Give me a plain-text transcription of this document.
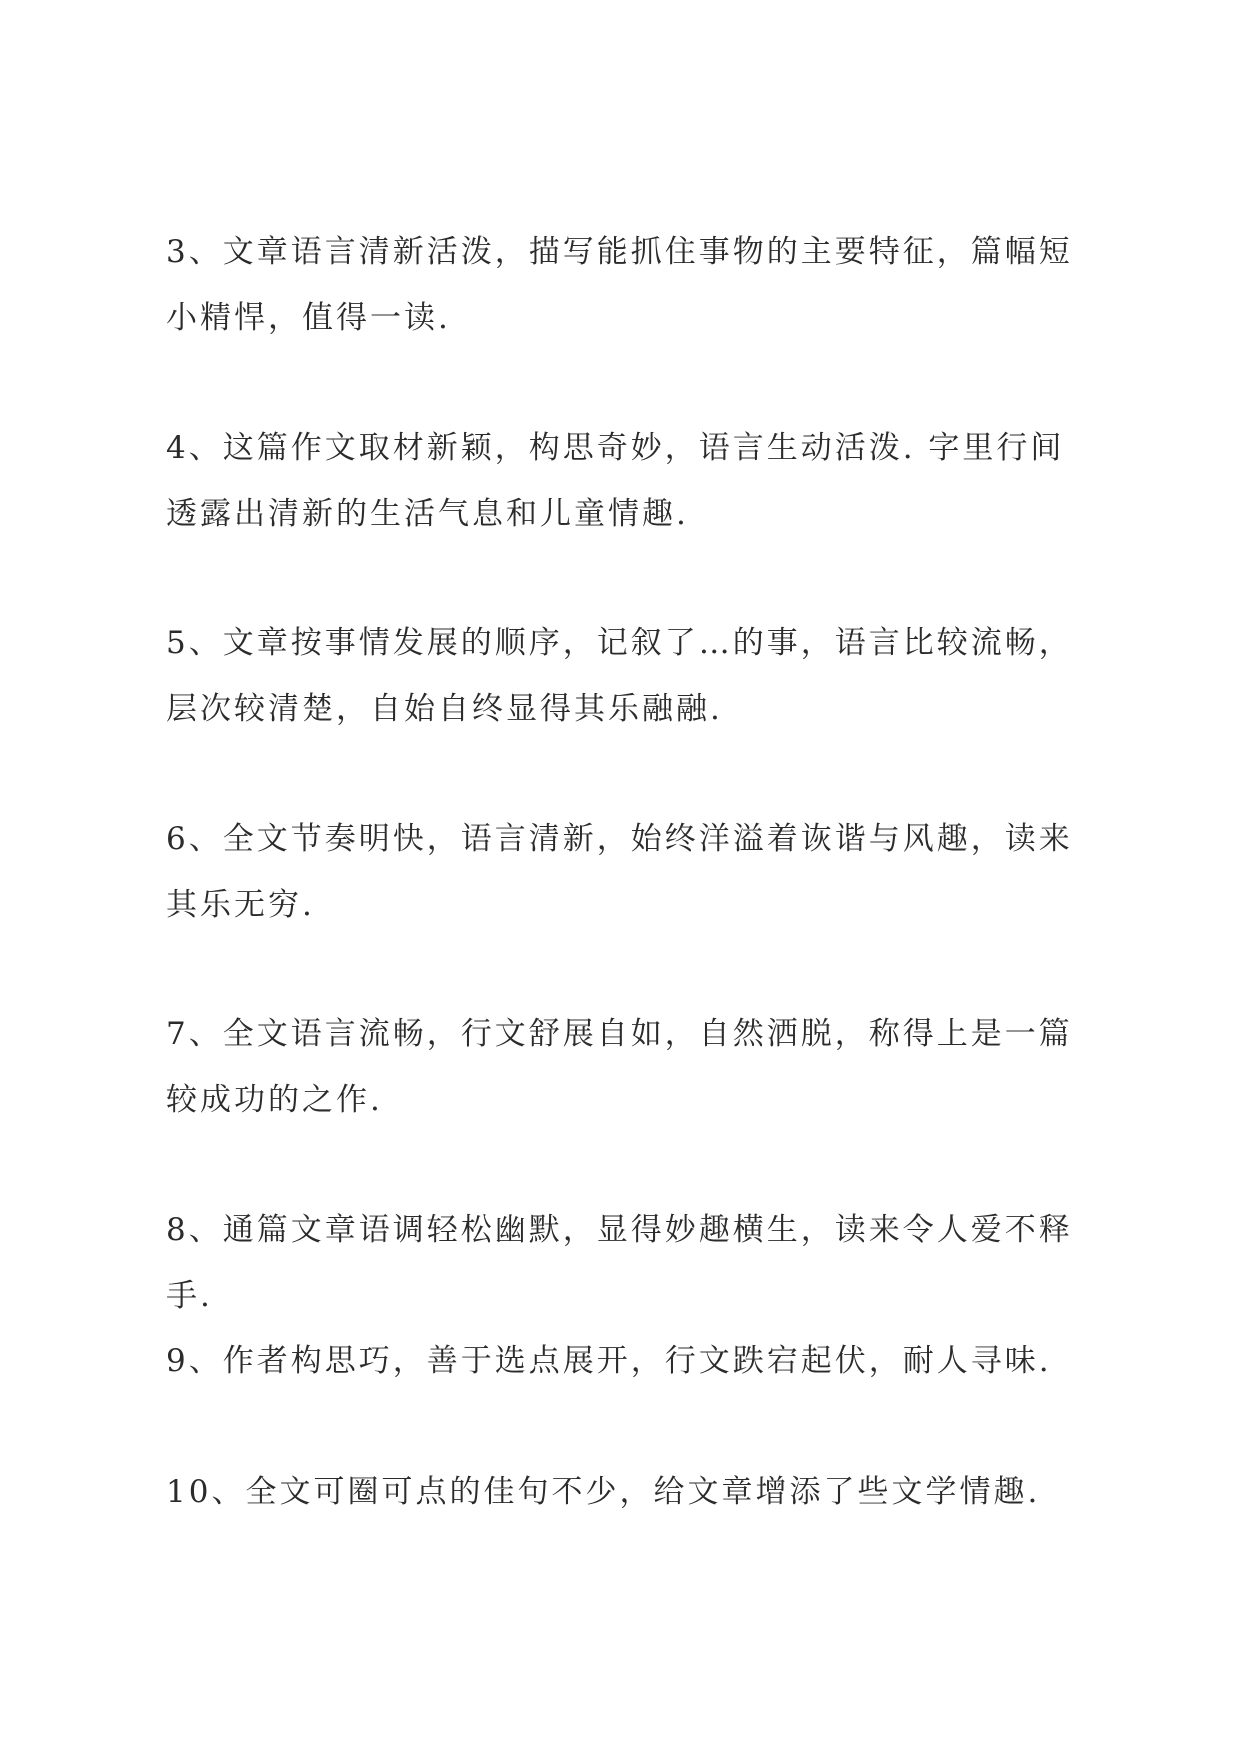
3、文章语言清新活泼，描写能抓住事物的主要特征，篇幅短小精悍，值得一读.

4、这篇作文取材新颖，构思奇妙，语言生动活泼. 字里行间透露出清新的生活气息和儿童情趣.

5、文章按事情发展的顺序，记叙了…的事，语言比较流畅，层次较清楚，自始自终显得其乐融融.

6、全文节奏明快，语言清新，始终洋溢着诙谐与风趣，读来其乐无穷.

7、全文语言流畅，行文舒展自如，自然洒脱，称得上是一篇较成功的之作.

8、通篇文章语调轻松幽默，显得妙趣横生，读来令人爱不释手.

9、作者构思巧，善于选点展开，行文跌宕起伏，耐人寻味.

10、全文可圈可点的佳句不少，给文章增添了些文学情趣.
